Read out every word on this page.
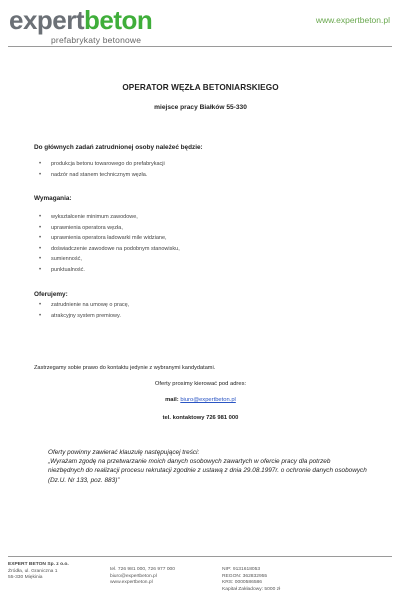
expertbeton
prefabrykaty betonowe
www.expertbeton.pl
OPERATOR WĘZŁA BETONIARSKIEGO
miejsce pracy Białków 55-330
Do głównych zadań zatrudnionej osoby należeć będzie:
• produkcja betonu towarowego do prefabrykacji
• nadzór nad stanem technicznym węzła.
Wymagania:
• wykształcenie minimum zawodowe,
• uprawnienia operatora węzła,
• uprawnienia operatora ładowarki mile widziane,
• doświadczenie zawodowe na podobnym stanowisku,
• sumienność,
• punktualność.
Oferujemy:
• zatrudnienie na umowę o pracę,
• atrakcyjny system premiowy.
Zastrzegamy sobie prawo do kontaktu jedynie z wybranymi kandydatami.
Oferty prosimy kierować pod adres:
mail: biuro@expertbeton.pl
tel. kontaktowy 726 981 000

Oferty powinny zawierać klauzulę następującej treści:

„Wyrażam zgodę na przetwarzanie moich danych osobowych zawartych w ofercie pracy dla potrzeb niezbędnych do realizacji procesu rekrutacji zgodnie z ustawą z dnia 29.08.1997r. o ochronie danych osobowych (Dz.U. Nr 133, poz. 883)”

EXPERT BETON Sp. z o.o.
Źródła, ul. Graniczna 1
55-330 Miękinia
tel. 726 981 000, 726 977 000
biuro@expertbeton.pl
www.expertbeton.pl
NIP: 9131618053
REGON: 362832955
KRS: 0000586586
Kapitał Zakładowy: 5000 zł
